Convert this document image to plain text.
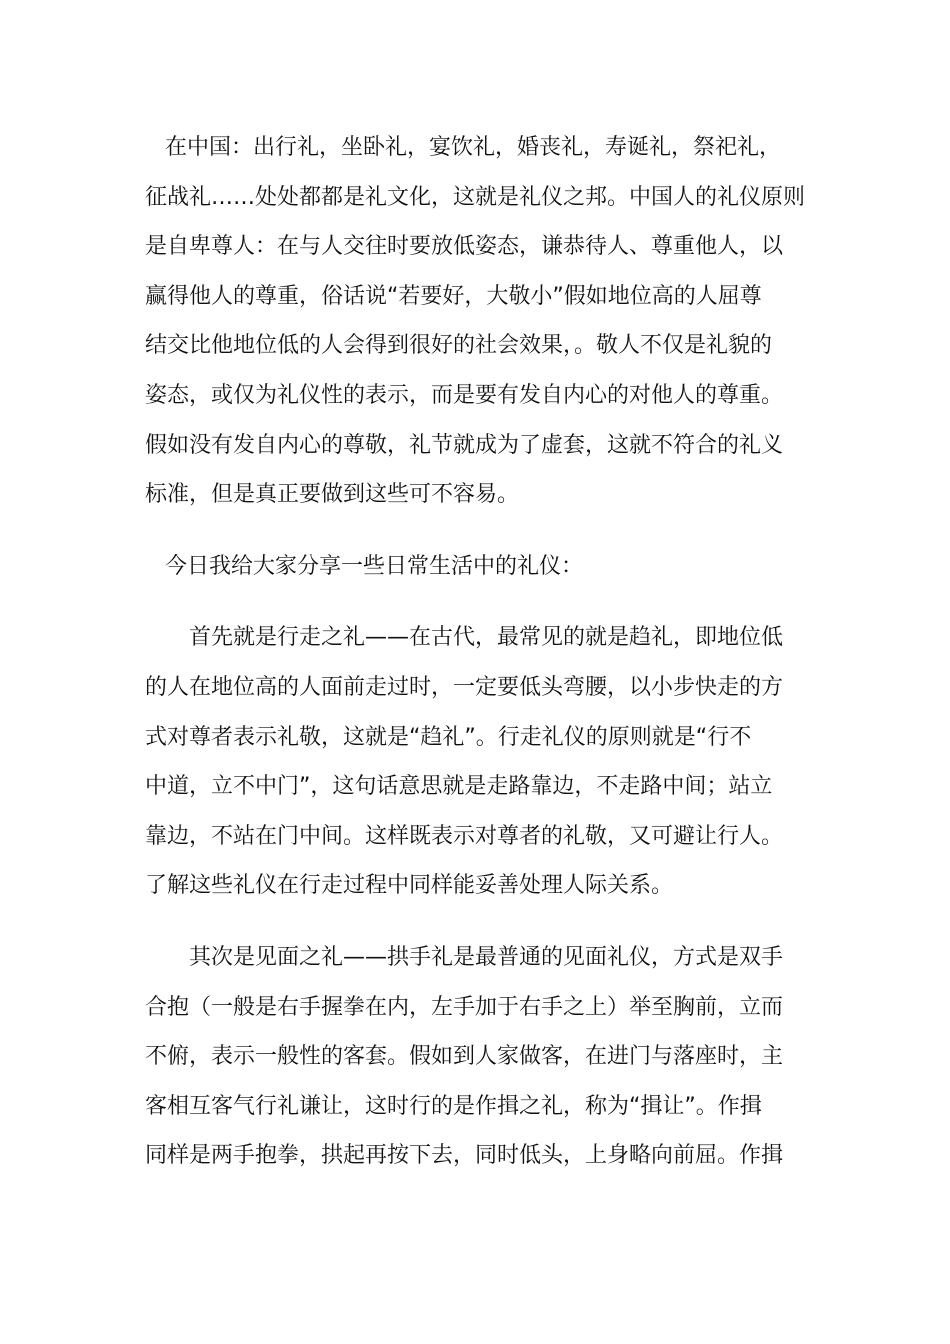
在中国：出行礼，坐卧礼，宴饮礼，婚丧礼，寿诞礼，祭祀礼，
征战礼……处处都都是礼文化，这就是礼仪之邦。中国人的礼仪原则
是自卑尊人：在与人交往时要放低姿态，谦恭待人、尊重他人，以
赢得他人的尊重，俗话说“若要好，大敬小”假如地位高的人屈尊
结交比他地位低的人会得到很好的社会效果，。敬人不仅是礼貌的
姿态，或仅为礼仪性的表示，而是要有发自内心的对他人的尊重。
假如没有发自内心的尊敬，礼节就成为了虚套，这就不符合的礼义
标准，但是真正要做到这些可不容易。
今日我给大家分享一些日常生活中的礼仪：
首先就是行走之礼——在古代，最常见的就是趋礼，即地位低
的人在地位高的人面前走过时，一定要低头弯腰，以小步快走的方
式对尊者表示礼敬，这就是“趋礼”。行走礼仪的原则就是“行不
中道，立不中门”，这句话意思就是走路靠边，不走路中间；站立
靠边，不站在门中间。这样既表示对尊者的礼敬，又可避让行人。
了解这些礼仪在行走过程中同样能妥善处理人际关系。
其次是见面之礼——拱手礼是最普通的见面礼仪，方式是双手
合抱（一般是右手握拳在内，左手加于右手之上）举至胸前，立而
不俯，表示一般性的客套。假如到人家做客，在进门与落座时，主
客相互客气行礼谦让，这时行的是作揖之礼，称为“揖让”。作揖
同样是两手抱拳，拱起再按下去，同时低头，上身略向前屈。作揖
